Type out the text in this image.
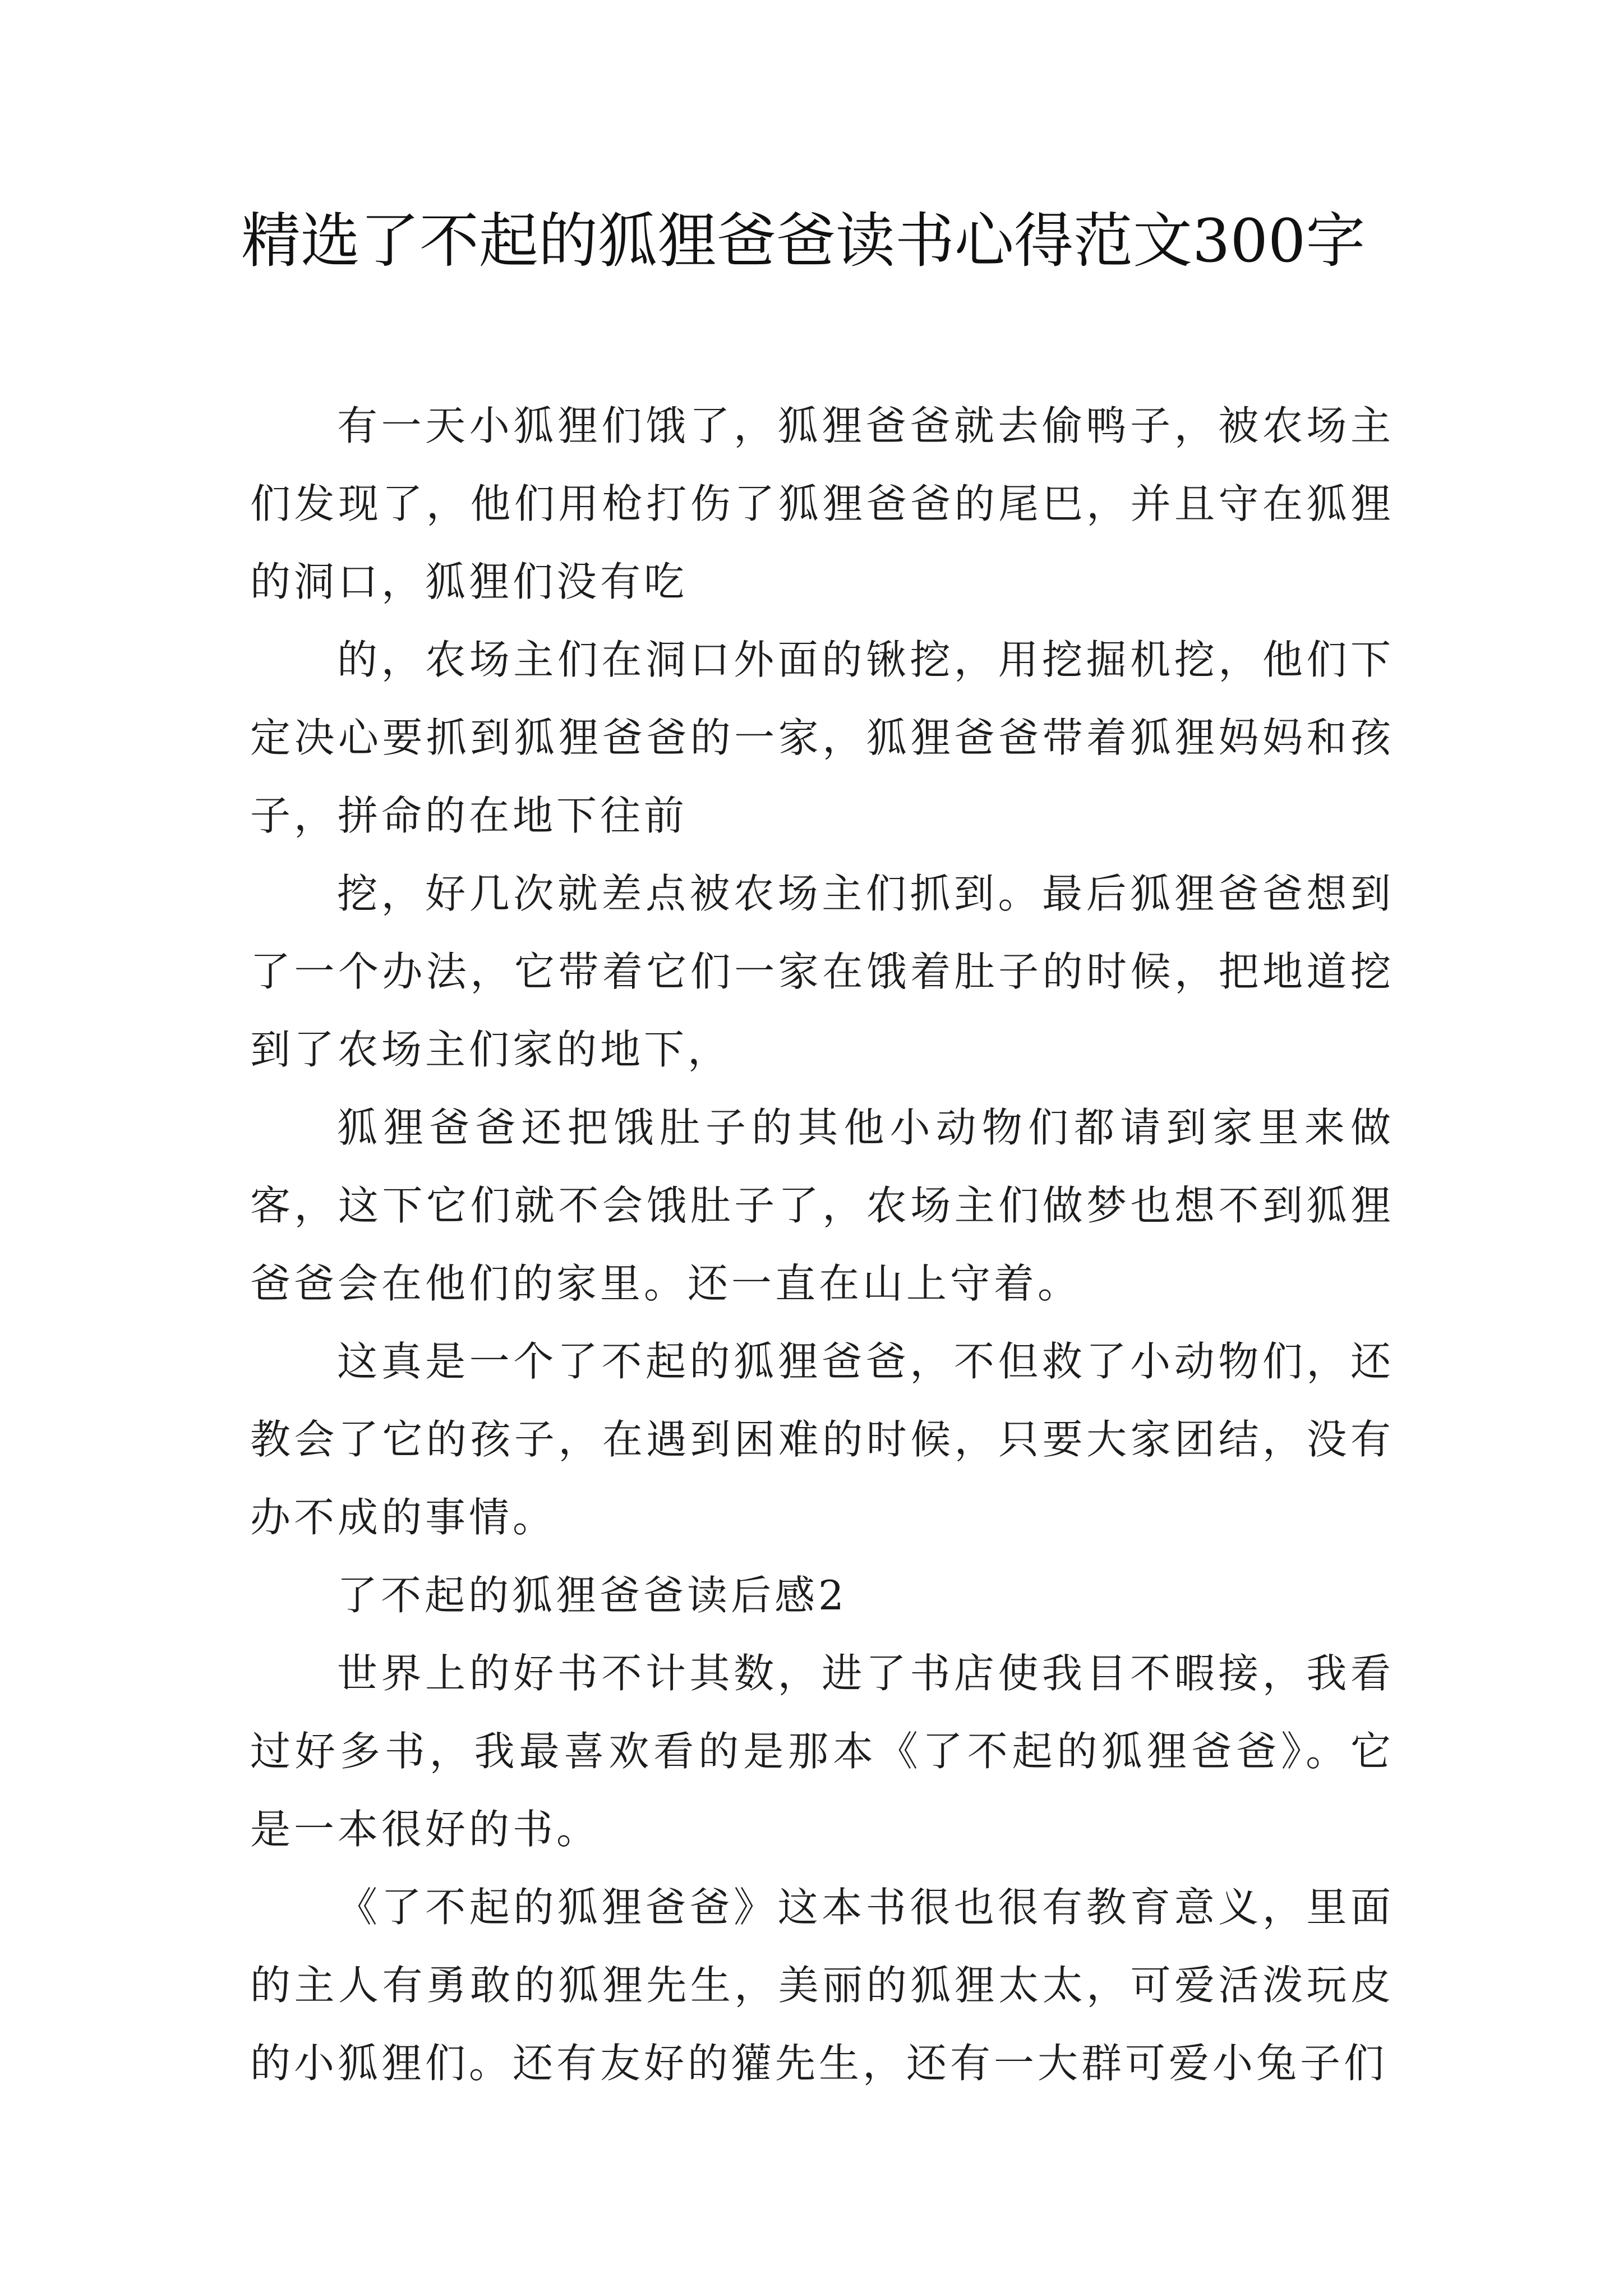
精选了不起的狐狸爸爸读书心得范文300字

有一天小狐狸们饿了，狐狸爸爸就去偷鸭子，被农场主们发现了，他们用枪打伤了狐狸爸爸的尾巴，并且守在狐狸的洞口，狐狸们没有吃

的，农场主们在洞口外面的锹挖，用挖掘机挖，他们下定决心要抓到狐狸爸爸的一家，狐狸爸爸带着狐狸妈妈和孩子，拼命的在地下往前

挖，好几次就差点被农场主们抓到。最后狐狸爸爸想到了一个办法，它带着它们一家在饿着肚子的时候，把地道挖到了农场主们家的地下，

狐狸爸爸还把饿肚子的其他小动物们都请到家里来做客，这下它们就不会饿肚子了，农场主们做梦也想不到狐狸爸爸会在他们的家里。还一直在山上守着。

这真是一个了不起的狐狸爸爸，不但救了小动物们，还教会了它的孩子，在遇到困难的时候，只要大家团结，没有办不成的事情。

了不起的狐狸爸爸读后感2

世界上的好书不计其数，进了书店使我目不暇接，我看过好多书，我最喜欢看的是那本《了不起的狐狸爸爸》。它是一本很好的书。

《了不起的狐狸爸爸》这本书很也很有教育意义，里面的主人有勇敢的狐狸先生，美丽的狐狸太太，可爱活泼玩皮的小狐狸们。还有友好的獾先生，还有一大群可爱小兔子们
